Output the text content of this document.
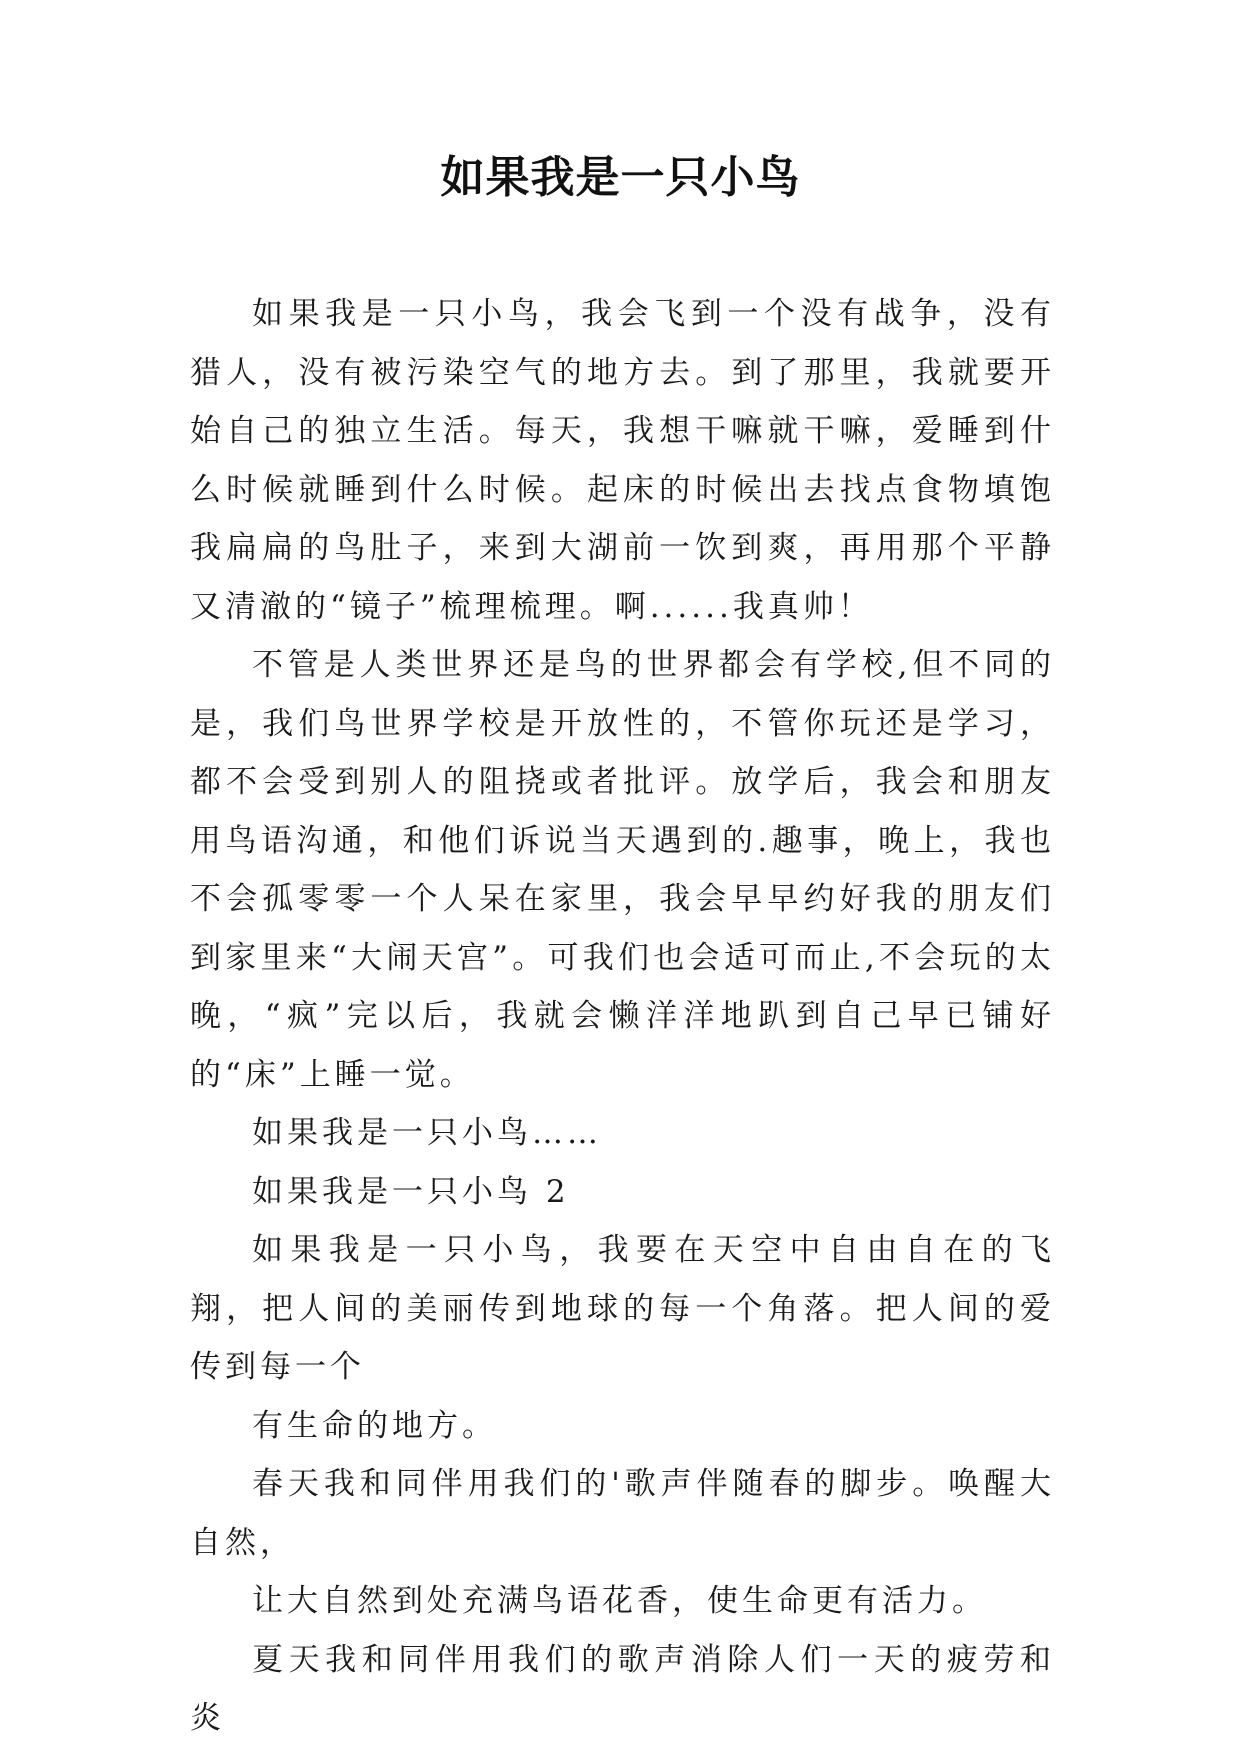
如果我是一只小鸟

如果我是一只小鸟，我会飞到一个没有战争，没有猎人，没有被污染空气的地方去。到了那里，我就要开始自己的独立生活。每天，我想干嘛就干嘛，爱睡到什么时候就睡到什么时候。起床的时候出去找点食物填饱我扁扁的鸟肚子，来到大湖前一饮到爽，再用那个平静又清澈的“镜子”梳理梳理。啊......我真帅！

不管是人类世界还是鸟的世界都会有学校,但不同的是，我们鸟世界学校是开放性的，不管你玩还是学习，都不会受到别人的阻挠或者批评。放学后，我会和朋友用鸟语沟通，和他们诉说当天遇到的.趣事，晚上，我也不会孤零零一个人呆在家里，我会早早约好我的朋友们到家里来“大闹天宫”。可我们也会适可而止,不会玩的太晚，“疯”完以后，我就会懒洋洋地趴到自己早已铺好的“床”上睡一觉。

如果我是一只小鸟……

如果我是一只小鸟 2

如果我是一只小鸟，我要在天空中自由自在的飞翔，把人间的美丽传到地球的每一个角落。把人间的爱传到每一个

有生命的地方。

春天我和同伴用我们的'歌声伴随春的脚步。唤醒大自然，

让大自然到处充满鸟语花香，使生命更有活力。

夏天我和同伴用我们的歌声消除人们一天的疲劳和炎
